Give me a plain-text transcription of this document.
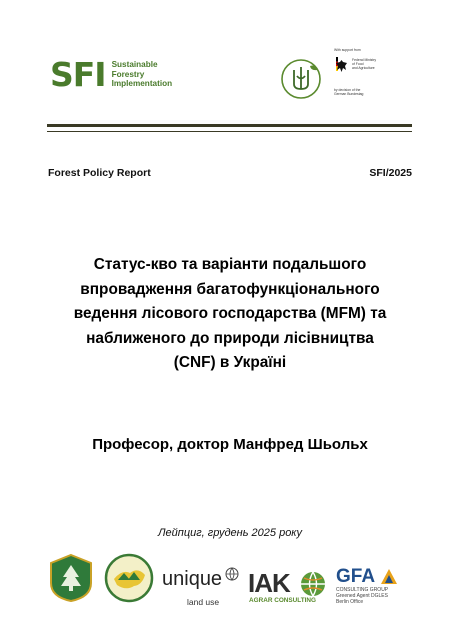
SFI Sustainable
Forestry
Implementation
With support from
Federal Ministry
of Food
and Agriculture
by decision of the
German Bundestag
Forest Policy Report	SFI/2025
Статус-кво та варіанти подальшого
впровадження багатофункціонального
ведення лісового господарства (MFM) та
наближеного до природи лісівництва
(CNF) в Україні
Професор, доктор Манфред Шьольх
Лейпциг, грудень 2025 року
unique
land use
IAK
AGRAR CONSULTING
GFA
CONSULTING GROUP
Greened Agent DGLES
Berlin Office
